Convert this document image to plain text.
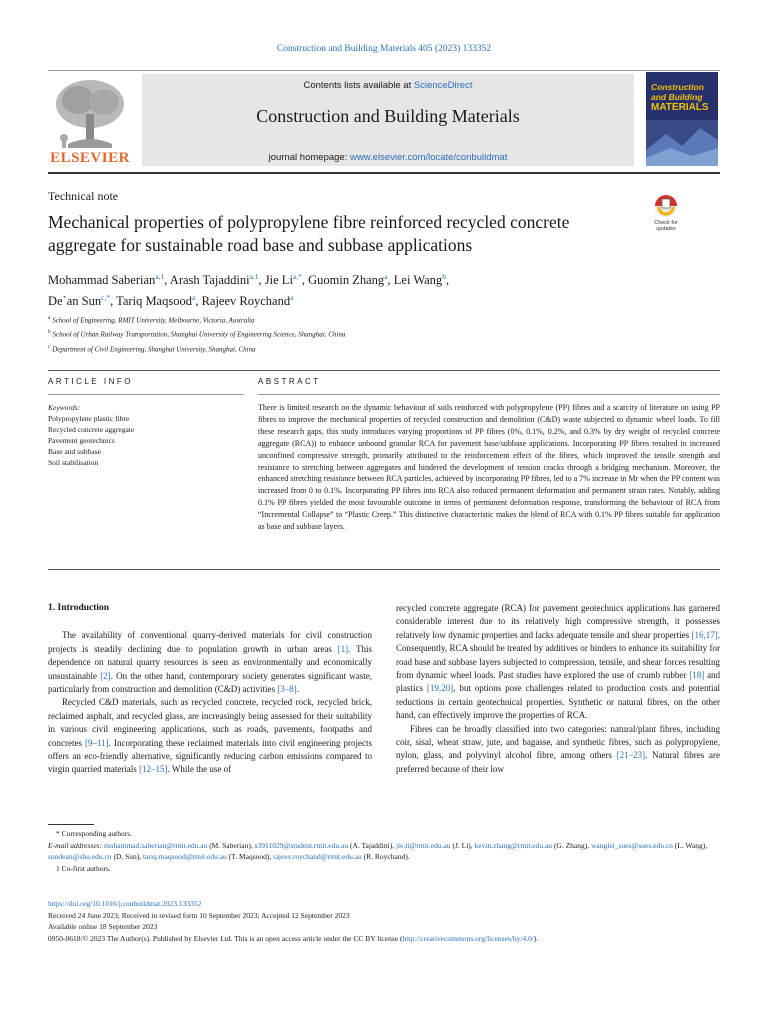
Construction and Building Materials 405 (2023) 133352
ELSEVIER
Contents lists available at ScienceDirect
Construction and Building Materials
journal homepage: www.elsevier.com/locate/conbuildmat
Construction
and Building
MATERIALS
Technical note
Mechanical properties of polypropylene fibre reinforced recycled concrete aggregate for sustainable road base and subbase applications
Check for
updates
Mohammad Saberian$^{a,1}$, Arash Tajaddini$^{a,1}$, Jie $Li^{a,*}$, Guomin Zhang$^a$, Lei Wang$^b$,
De`an Sun$^{c,*}$, Tariq Maqsood$^a$, Rajeev Roychand$^a$
$^a$ School of Engineering, RMIT University, Melbourne, Victoria, Australia
$^b$ School of Urban Railway Transportation, Shanghai University of Engineering Science, Shanghai, China
$^c$ Department of Civil Engineering, Shanghai University, Shanghai, China
ARTICLE INFO	ABSTRACT
Keywords:
Polypropylene plastic fibre
Recycled concrete aggregate
Pavement geotechnics
Base and subbase
Soil stabilisation
There is limited research on the dynamic behaviour of soils reinforced with polypropylene (PP) fibres and a scarcity of literature on using PP fibres to improve the mechanical properties of recycled construction and demolition (C&D) waste subjected to dynamic wheel loads. To fill these research gaps, this study introduces varying proportions of PP fibres (0%, 0.1%, 0.2%, and 0.3% by dry weight of recycled concrete aggregate (RCA)) to enhance unbound granular RCA for pavement base/subbase applications. Incorporating PP fibres resulted in increased unconfined compressive strength, primarily attributed to the reinforcement effect of the fibres, which improved the tensile strength and resistance to stretching between aggregates and hindered the development of tension cracks through a bridging mechanism. Moreover, the enhanced stretching resistance between RCA particles, achieved by incorporating PP fibres, led to a 7% increase in Mr when the PP content was increased from 0 to 0.1%. Incorporating PP fibres into RCA also reduced permanent deformation and permanent strain rates. Notably, adding 0.1% PP fibres yielded the most favourable outcome in terms of permanent deformation response, transforming the behaviour of RCA from “Incremental Collapse” to “Plastic Creep.” This distinctive characteristic makes the blend of RCA with 0.1% PP fibres suitable for application as base and subbase layers.
1. Introduction

The availability of conventional quarry-derived materials for civil construction projects is steadily declining due to population growth in urban areas [1]. This dependence on natural quarry resources is seen as environmentally and economically unsustainable [2]. On the other hand, contemporary society generates significant waste, particularly from construction and demolition (C&D) activities [3–8].

Recycled C&D materials, such as recycled concrete, recycled rock, recycled brick, reclaimed asphalt, and recycled glass, are increasingly being assessed for their suitability in various civil engineering applications, such as roads, pavements, footpaths and concretes [9–11]. Incorporating these reclaimed materials into civil engineering projects offers an eco-friendly alternative, significantly reducing carbon emissions compared to virgin quarried materials [12–15]. While the use of

recycled concrete aggregate (RCA) for pavement geotechnics applications has garnered considerable interest due to its relatively high compressive strength, it possesses relatively low dynamic properties and lacks adequate tensile and shear properties [16,17]. Consequently, RCA should be treated by additives or binders to enhance its suitability for road base and subbase layers subjected to compression, tensile, and shear forces resulting from dynamic wheel loads. Past studies have explored the use of crumb rubber [18] and plastics [19,20], but options pose challenges related to production costs and potential reductions in certain geotechnical properties. Synthetic or natural fibres, on the other hand, can effectively improve the properties of RCA.

Fibres can be broadly classified into two categories: natural/plant fibres, including coir, sisal, wheat straw, jute, and bagasse, and synthetic fibres, such as polypropylene, nylon, glass, and polyvinyl alcohol fibre, among others [21–23]. Natural fibres are preferred because of their low

* Corresponding authors.

E-mail addresses: mohammad.saberian@rmit.edu.au (M. Saberian), s3911029@student.rmit.edu.au (A. Tajaddini), jie.li@rmit.edu.au (J. Li), kevin.zhang@rmit.edu.au (G. Zhang), wanglei_sues@sues.edu.cn (L. Wang), sundean@shu.edu.cn (D. Sun), tariq.maqsood@rmit.edu.au (T. Maqsood), rajeev.roychand@rmit.edu.au (R. Roychand).

1 Co-first authors.

https://doi.org/10.1016/j.conbuildmat.2023.133352

Received 24 June 2023; Received in revised form 10 September 2023; Accepted 12 September 2023

Available online 18 September 2023

0950-0618/© 2023 The Author(s). Published by Elsevier Ltd. This is an open access article under the CC BY license (http://creativecommons.org/licenses/by/4.0/).
